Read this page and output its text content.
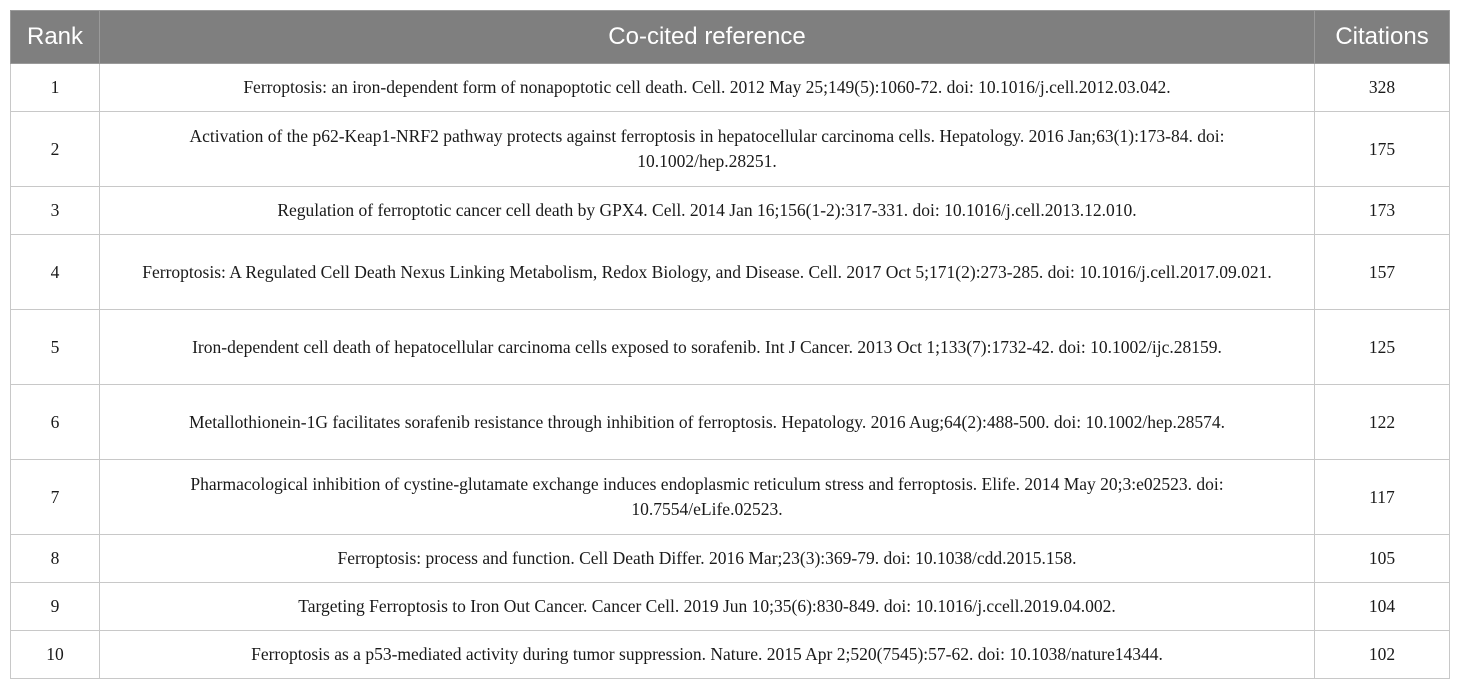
Rank	Co-cited reference	Citations
1	Ferroptosis: an iron-dependent form of nonapoptotic cell death. Cell. 2012 May 25;149(5):1060-72. doi: 10.1016/j.cell.2012.03.042.	328
2	Activation of the p62-Keap1-NRF2 pathway protects against ferroptosis in hepatocellular carcinoma cells. Hepatology. 2016 Jan;63(1):173-84. doi: 10.1002/hep.28251.	175
3	Regulation of ferroptotic cancer cell death by GPX4. Cell. 2014 Jan 16;156(1-2):317-331. doi: 10.1016/j.cell.2013.12.010.	173
4	Ferroptosis: A Regulated Cell Death Nexus Linking Metabolism, Redox Biology, and Disease. Cell. 2017 Oct 5;171(2):273-285. doi: 10.1016/j.cell.2017.09.021.	157
5	Iron-dependent cell death of hepatocellular carcinoma cells exposed to sorafenib. Int J Cancer. 2013 Oct 1;133(7):1732-42. doi: 10.1002/ijc.28159.	125
6	Metallothionein-1G facilitates sorafenib resistance through inhibition of ferroptosis. Hepatology. 2016 Aug;64(2):488-500. doi: 10.1002/hep.28574.	122
7	Pharmacological inhibition of cystine-glutamate exchange induces endoplasmic reticulum stress and ferroptosis. Elife. 2014 May 20;3:e02523. doi: 10.7554/eLife.02523.	117
8	Ferroptosis: process and function. Cell Death Differ. 2016 Mar;23(3):369-79. doi: 10.1038/cdd.2015.158.	105
9	Targeting Ferroptosis to Iron Out Cancer. Cancer Cell. 2019 Jun 10;35(6):830-849. doi: 10.1016/j.ccell.2019.04.002.	104
10	Ferroptosis as a p53-mediated activity during tumor suppression. Nature. 2015 Apr 2;520(7545):57-62. doi: 10.1038/nature14344.	102
